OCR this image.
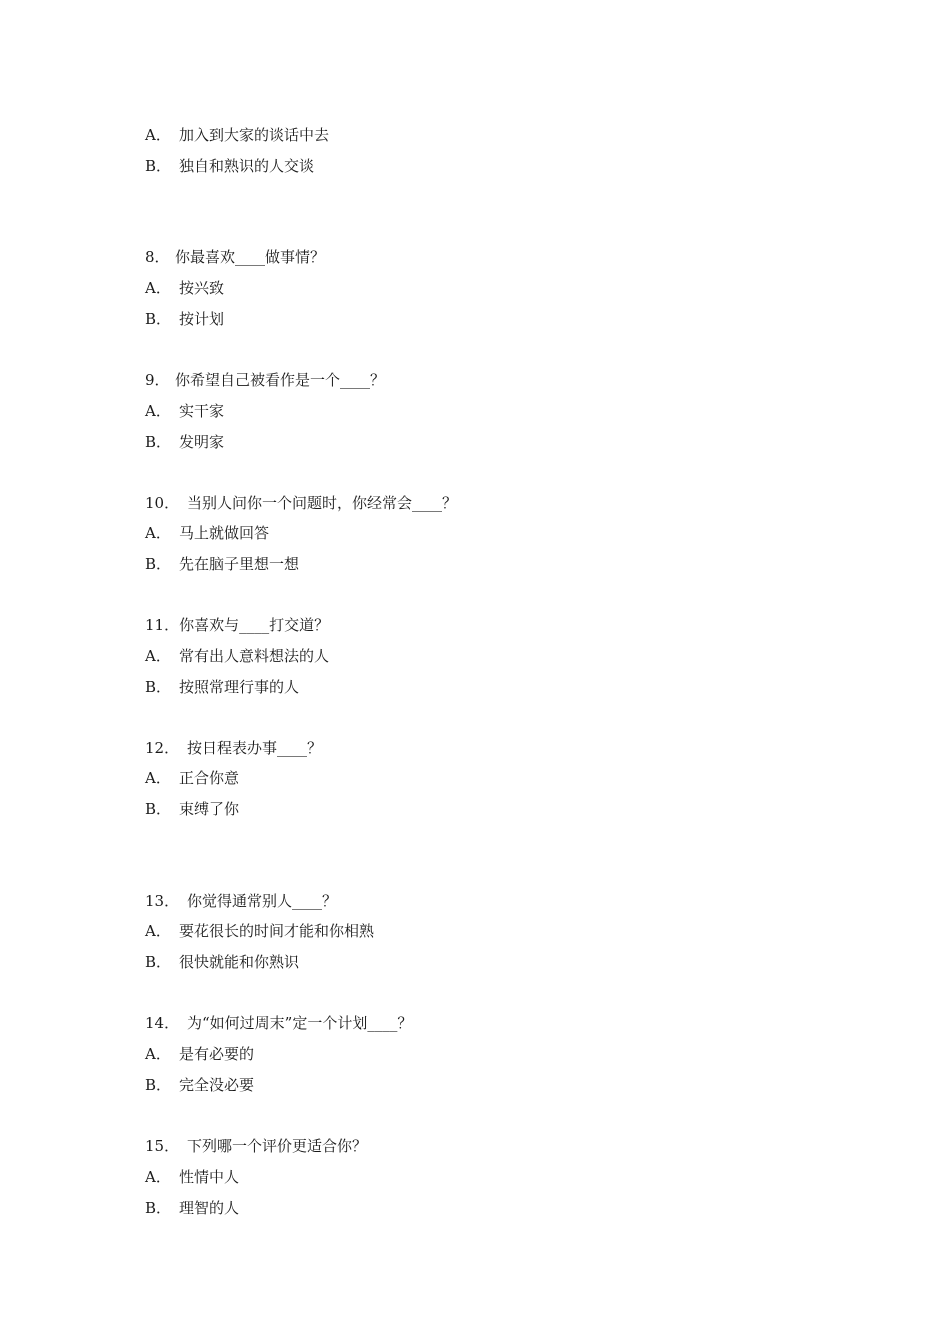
A． 加入到大家的谈话中去
B． 独自和熟识的人交谈
8． 你最喜欢____做事情？
A． 按兴致
B． 按计划
9． 你希望自己被看作是一个____？
A． 实干家
B． 发明家
10． 当别人问你一个问题时，你经常会____？
A． 马上就做回答
B． 先在脑子里想一想
11．你喜欢与____打交道？
A． 常有出人意料想法的人
B． 按照常理行事的人
12． 按日程表办事____？
A． 正合你意
B． 束缚了你
13． 你觉得通常别人____？
A． 要花很长的时间才能和你相熟
B． 很快就能和你熟识
14． 为“如何过周末”定一个计划____？
A． 是有必要的
B． 完全没必要
15． 下列哪一个评价更适合你？
A． 性情中人
B． 理智的人
